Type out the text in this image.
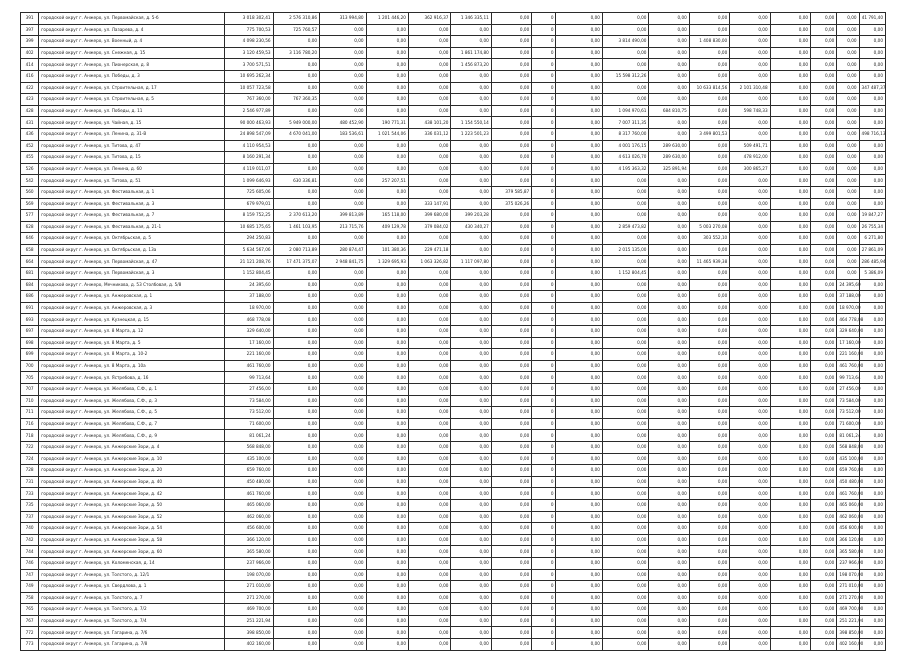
391	городской округ г. Анжеро, ул. Первомайская, д. 5-б	3 018 302,41	2 576 310,86	313 994,80	1 201 446,20	362 916,37	1 346 335,11	0,00	0	0,00	0,00	0,00	0,00	0,00	0,00	0,00	0,00	41 791,40
397	городской округ г. Анжеро, ул. Лазарева, д. 4	775 700,53	725 760,57	0,00	0,00	0,00	0,00	0,00	0	0,00	0,00	0,00	0,00	0,00	0,00	0,00	0,00	0,00
399	городской округ г. Анжеро, ул. Военный, д. 4	4 098 230,56	0,00	0,00	0,00	0,00	0,00	0,00	0	0,00	3 814 490,00	0,00	1 408 830,00	0,00	0,00	0,00	0,00	0,00
402	городской округ г. Анжеро, ул. Снежная, д. 15	3 120 459,53	3 116 780,20	0,00	0,00	0,00	1 861 174,80	0,00	0	0,00	0,00	0,00	0,00	0,00	0,00	0,00	0,00	0,00
414	городской округ г. Анжеро, ул. Пионерская, д. 8	3 700 571,51	0,00	0,00	0,00	0,00	1 456 873,20	0,00	0	0,00	0,00	0,00	0,00	0,00	0,00	0,00	0,00	0,00
416	городской округ г. Анжеро, ул. Победы, д. 3	10 695 262,34	0,00	0,00	0,00	0,00	0,00	0,00	0	0,00	15 598 312,26	0,00	0,00	0,00	0,00	0,00	0,00	0,00
422	городской округ г. Анжеро, ул. Строительная, д. 17	10 057 723,58	0,00	0,00	0,00	0,00	0,00	0,00	0	0,00	0,00	0,00	10 633 814,56	2 101 310,48	0,00	0,00	0,00	347 487,37
423	городской округ г. Анжеро, ул. Строительная, д. 5	767 360,00	767 360,35	0,00	0,00	0,00	0,00	0,00	0	0,00	0,00	0,00	0,00	0,00	0,00	0,00	0,00	0,00
428	городской округ г. Анжеро, ул. Победы, д. 11	2 546 977,89	0,00	0,00	0,00	0,00	0,00	0,00	0	0,00	1 094 970,61	684 810,75	0,00	598 748,33	0,00	0,00	0,00	0,00
431	городской округ г. Анжеро, ул. Чайная, д. 15	90 000 463,93	5 949 000,00	480 452,90	190 771,31	438 101,20	1 154 550,14	0,00	0	0,00	7 007 311,35	0,00	0,00	0,00	0,00	0,00	0,00	0,00
436	городской округ г. Анжеро, ул. Ленина, д. 31-В	24 898 547,09	4 670 041,00	183 536,61	1 021 544,06	336 031,12	1 223 501,23	0,00	0	0,00	8 317 760,00	0,00	3 499 801,53	0,00	0,00	0,00	0,00	498 716,13
452	городской округ г. Анжеро, ул. Титова, д. 47	4 110 954,53	0,00	0,00	0,00	0,00	0,00	0,00	0	0,00	4 001 176,15	289 630,00	0,00	509 491,71	0,00	0,00	0,00	0,00
455	городской округ г. Анжеро, ул. Титова, д. 15	8 160 291,34	0,00	0,00	0,00	0,00	0,00	0,00	0	0,00	4 613 026,70	289 630,00	0,00	478 912,00	0,00	0,00	0,00	0,00
526	городской округ г. Анжеро, ул. Ленина, д. 60	4 119 011,07	0,00	0,00	0,00	0,00	0,00	0,00	0	0,00	4 195 363,32	325 891,94	0,00	300 865,27	0,00	0,00	0,00	0,00
542	городской округ г. Анжеро, ул. Титова, д. 51	1 099 646,93	630 336,81	0,00	257 207,51	0,00	0,00	0,00	0	0,00	0,00	0,00	0,00	0,00	0,00	0,00	0,00	0,00
560	городской округ г. Анжеро, ул. Фестивальная, д. 1	725 605,06	0,00	0,00	0,00	0,00	0,00	379 585,87	0	0,00	0,00	0,00	0,00	0,00	0,00	0,00	0,00	0,00
569	городской округ г. Анжеро, ул. Фестивальная, д. 3	679 979,01	0,00	0,00	0,00	333 147,91	0,00	375 026,26	0	0,00	0,00	0,00	0,00	0,00	0,00	0,00	0,00	0,00
577	городской округ г. Анжеро, ул. Фестивальная, д. 7	8 159 752,25	2 370 613,20	399 813,89	165 118,00	399 680,00	399 203,28	0,00	0	0,00	0,00	0,00	0,00	0,00	0,00	0,00	0,00	19 847,27
628	городской округ г. Анжеро, ул. Фестивальная, д. 21-1	10 685 175,65	1 461 103,95	213 715,76	409 129,78	379 084,02	430 340,27	0,00	0	0,00	2 859 473,82	0,00	5 003 270,08	0,00	0,00	0,00	0,00	26 755,34
646	городской округ г. Анжеро, ул. Октябрьская, д. 5	294 250,83	0,00	0,00	0,00	0,00	0,00	0,00	0	0,00	0,00	0,00	303 552,10	0,00	0,00	0,00	0,00	6 271,80
658	городской округ г. Анжеро, ул. Октябрьская, д. 13а	5 634 567,06	2 080 713,89	280 874,47	101 380,36	229 471,18	0,00	0,00	0	0,00	2 015 135,00	0,00	0,00	0,00	0,00	0,00	0,00	27 861,09
664	городской округ г. Анжеро, ул. Первомайская, д. 47	21 121 208,76	17 471 375,07	2 948 841,75	1 329 695,93	1 063 326,82	1 117 097,80	0,00	0	0,00	0,00	0,00	11 465 939,38	0,00	0,00	0,00	0,00	286 485,94
681	городской округ г. Анжеро, ул. Первомайская, д. 3	1 152 804,45	0,00	0,00	0,00	0,00	0,00	0,00	0	0,00	1 152 804,45	0,00	0,00	0,00	0,00	0,00	0,00	5 386,09
684	городской округ г. Анжеро, Мечникова, д. 53 Столбовая, д. 5/8	24 395,60	0,00	0,00	0,00	0,00	0,00	0,00	0	0,00	0,00	0,00	0,00	0,00	0,00	0,00	24 395,60	0,00
686	городской округ г. Анжеро, ул. Анжеровская, д. 1	37 188,00	0,00	0,00	0,00	0,00	0,00	0,00	0	0,00	0,00	0,00	0,00	0,00	0,00	0,00	37 188,00	0,00
691	городской округ г. Анжеро, ул. Анжеровская, д. 3	18 970,00	0,00	0,00	0,00	0,00	0,00	0,00	0	0,00	0,00	0,00	0,00	0,00	0,00	0,00	18 970,00	0,00
693	городской округ г. Анжеро, ул. Кузнецкая, д. 15	468 778,08	0,00	0,00	0,00	0,00	0,00	0,00	0	0,00	0,00	0,00	0,00	0,00	0,00	0,00	464 778,08	0,00
697	городской округ г. Анжеро, ул. 8 Марта, д. 12	329 640,00	0,00	0,00	0,00	0,00	0,00	0,00	0	0,00	0,00	0,00	0,00	0,00	0,00	0,00	329 640,00	0,00
698	городской округ г. Анжеро, ул. 8 Марта, д. 5	17 160,00	0,00	0,00	0,00	0,00	0,00	0,00	0	0,00	0,00	0,00	0,00	0,00	0,00	0,00	17 160,00	0,00
699	городской округ г. Анжеро, ул. 8 Марта, д. 10-2	221 160,00	0,00	0,00	0,00	0,00	0,00	0,00	0	0,00	0,00	0,00	0,00	0,00	0,00	0,00	221 160,00	0,00
700	городской округ г. Анжеро, ул. 8 Марта, д. 10а	461 760,00	0,00	0,00	0,00	0,00	0,00	0,00	0	0,00	0,00	0,00	0,00	0,00	0,00	0,00	461 760,00	0,00
705	городской округ г. Анжеро, ул. Ястребова, д. 16	99 713,64	0,00	0,00	0,00	0,00	0,00	0,00	0	0,00	0,00	0,00	0,00	0,00	0,00	0,00	99 713,64	0,00
707	городской округ г. Анжеро, ул. Желябова, С.Ф., д. 1	27 456,00	0,00	0,00	0,00	0,00	0,00	0,00	0	0,00	0,00	0,00	0,00	0,00	0,00	0,00	27 456,00	0,00
710	городской округ г. Анжеро, ул. Желябова, С.Ф., д. 3	73 584,00	0,00	0,00	0,00	0,00	0,00	0,00	0	0,00	0,00	0,00	0,00	0,00	0,00	0,00	73 584,00	0,00
711	городской округ г. Анжеро, ул. Желябова, С.Ф., д. 5	73 512,00	0,00	0,00	0,00	0,00	0,00	0,00	0	0,00	0,00	0,00	0,00	0,00	0,00	0,00	73 512,00	0,00
716	городской округ г. Анжеро, ул. Желябова, С.Ф., д. 7	71 600,00	0,00	0,00	0,00	0,00	0,00	0,00	0	0,00	0,00	0,00	0,00	0,00	0,00	0,00	71 600,00	0,00
718	городской округ г. Анжеро, ул. Желябова, С.Ф., д. 9	81 061,24	0,00	0,00	0,00	0,00	0,00	0,00	0	0,00	0,00	0,00	0,00	0,00	0,00	0,00	81 061,24	0,00
722	городской округ г. Анжеро, ул. Анжерские Зори, д. 4	568 848,00	0,00	0,00	0,00	0,00	0,00	0,00	0	0,00	0,00	0,00	0,00	0,00	0,00	0,00	568 848,00	0,00
724	городской округ г. Анжеро, ул. Анжерские Зори, д. 10	435 100,00	0,00	0,00	0,00	0,00	0,00	0,00	0	0,00	0,00	0,00	0,00	0,00	0,00	0,00	435 100,00	0,00
728	городской округ г. Анжеро, ул. Анжерские Зори, д. 20	659 760,00	0,00	0,00	0,00	0,00	0,00	0,00	0	0,00	0,00	0,00	0,00	0,00	0,00	0,00	659 760,00	0,00
731	городской округ г. Анжеро, ул. Анжерские Зори, д. 40	450 480,00	0,00	0,00	0,00	0,00	0,00	0,00	0	0,00	0,00	0,00	0,00	0,00	0,00	0,00	450 480,00	0,00
733	городской округ г. Анжеро, ул. Анжерские Зори, д. 42	461 760,00	0,00	0,00	0,00	0,00	0,00	0,00	0	0,00	0,00	0,00	0,00	0,00	0,00	0,00	461 760,00	0,00
735	городской округ г. Анжеро, ул. Анжерские Зори, д. 50	465 060,00	0,00	0,00	0,00	0,00	0,00	0,00	0	0,00	0,00	0,00	0,00	0,00	0,00	0,00	465 060,00	0,00
737	городской округ г. Анжеро, ул. Анжерские Зори, д. 52	462 060,00	0,00	0,00	0,00	0,00	0,00	0,00	0	0,00	0,00	0,00	0,00	0,00	0,00	0,00	462 060,00	0,00
740	городской округ г. Анжеро, ул. Анжерские Зори, д. 54	456 600,00	0,00	0,00	0,00	0,00	0,00	0,00	0	0,00	0,00	0,00	0,00	0,00	0,00	0,00	456 600,00	0,00
742	городской округ г. Анжеро, ул. Анжерские Зори, д. 58	366 120,00	0,00	0,00	0,00	0,00	0,00	0,00	0	0,00	0,00	0,00	0,00	0,00	0,00	0,00	366 120,00	0,00
744	городской округ г. Анжеро, ул. Анжерские Зори, д. 60	365 580,00	0,00	0,00	0,00	0,00	0,00	0,00	0	0,00	0,00	0,00	0,00	0,00	0,00	0,00	365 580,00	0,00
746	городской округ г. Анжеро, ул. Коломенская, д. 14	237 966,00	0,00	0,00	0,00	0,00	0,00	0,00	0	0,00	0,00	0,00	0,00	0,00	0,00	0,00	237 966,00	0,00
747	городской округ г. Анжеро, ул. Толстого, д. 12/1	198 070,00	0,00	0,00	0,00	0,00	0,00	0,00	0	0,00	0,00	0,00	0,00	0,00	0,00	0,00	198 070,00	0,00
749	городской округ г. Анжеро, ул. Свердлова, д. 1	271 010,00	0,00	0,00	0,00	0,00	0,00	0,00	0	0,00	0,00	0,00	0,00	0,00	0,00	0,00	271 010,00	0,00
758	городской округ г. Анжеро, ул. Толстого, д. 7	271 270,00	0,00	0,00	0,00	0,00	0,00	0,00	0	0,00	0,00	0,00	0,00	0,00	0,00	0,00	271 270,00	0,00
765	городской округ г. Анжеро, ул. Толстого, д. 7/2	469 700,00	0,00	0,00	0,00	0,00	0,00	0,00	0	0,00	0,00	0,00	0,00	0,00	0,00	0,00	469 700,00	0,00
767	городской округ г. Анжеро, ул. Толстого, д. 7/4	251 221,94	0,00	0,00	0,00	0,00	0,00	0,00	0	0,00	0,00	0,00	0,00	0,00	0,00	0,00	251 221,94	0,00
772	городской округ г. Анжеро, ул. Гагарина, д. 7/6	398 850,00	0,00	0,00	0,00	0,00	0,00	0,00	0	0,00	0,00	0,00	0,00	0,00	0,00	0,00	398 850,00	0,00
773	городской округ г. Анжеро, ул. Гагарина, д. 7/8	402 160,00	0,00	0,00	0,00	0,00	0,00	0,00	0	0,00	0,00	0,00	0,00	0,00	0,00	0,00	402 160,00	0,00
